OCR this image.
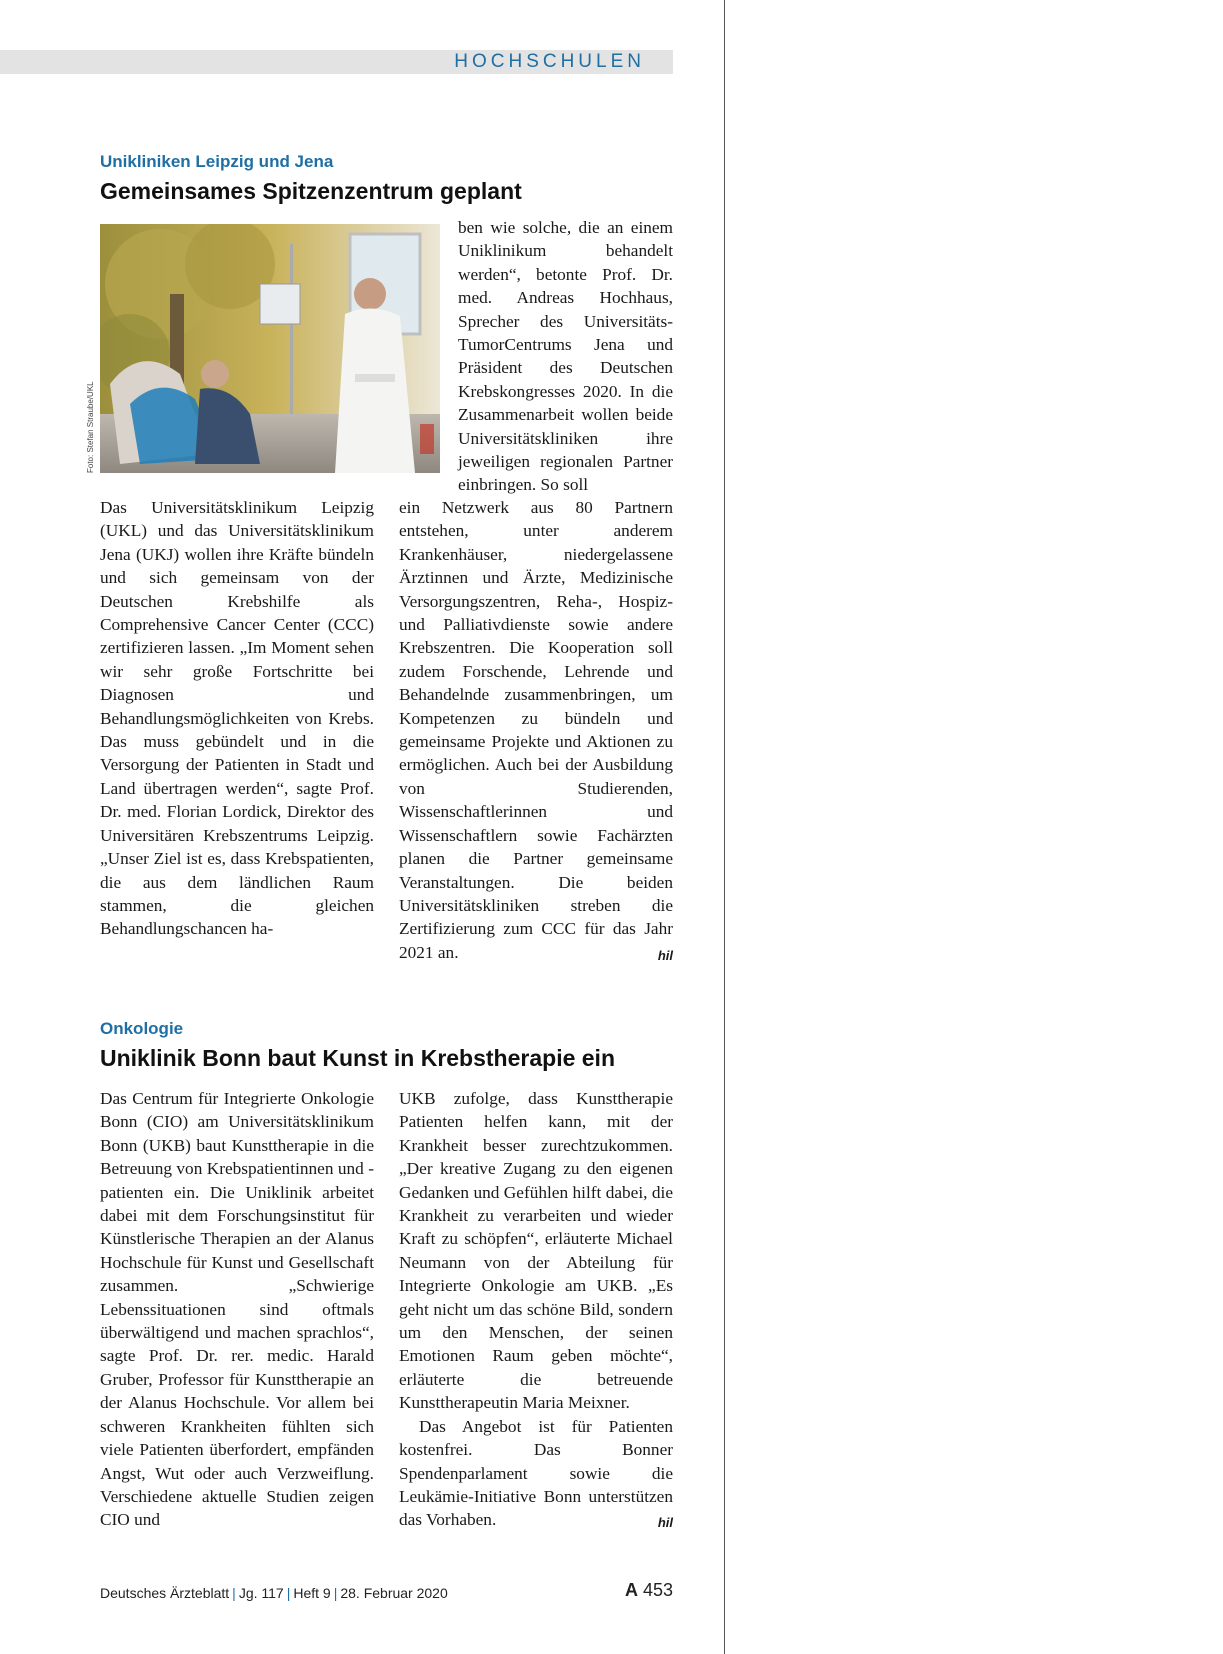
HOCHSCHULEN
Unikliniken Leipzig und Jena
Gemeinsames Spitzenzentrum geplant
Foto: Stefan Straube/UKL

ben wie solche, die an einem Uniklinikum behandelt werden“, betonte Prof. Dr. med. Andreas Hochhaus, Sprecher des Universitäts-TumorCentrums Jena und Präsident des Deutschen Krebskongresses 2020. In die Zusammenarbeit wollen beide Universitätskliniken ihre jeweiligen regionalen Partner einbringen. So soll

Das Universitätsklinikum Leipzig (UKL) und das Universitätsklinikum Jena (UKJ) wollen ihre Kräfte bündeln und sich gemeinsam von der Deutschen Krebshilfe als Comprehensive Cancer Center (CCC) zertifizieren lassen. „Im Moment sehen wir sehr große Fortschritte bei Diagnosen und Behandlungsmöglichkeiten von Krebs. Das muss gebündelt und in die Versorgung der Patienten in Stadt und Land übertragen werden“, sagte Prof. Dr. med. Florian Lordick, Direktor des Universitären Krebszentrums Leipzig. „Unser Ziel ist es, dass Krebspatienten, die aus dem ländlichen Raum stammen, die gleichen Behandlungschancen ha-

ein Netzwerk aus 80 Partnern entstehen, unter anderem Krankenhäuser, niedergelassene Ärztinnen und Ärzte, Medizinische Versorgungszentren, Reha-, Hospiz- und Palliativdienste sowie andere Krebszentren. Die Kooperation soll zudem Forschende, Lehrende und Behandelnde zusammenbringen, um Kompetenzen zu bündeln und gemeinsame Projekte und Aktionen zu ermöglichen. Auch bei der Ausbildung von Studierenden, Wissenschaftlerinnen und Wissenschaftlern sowie Fachärzten planen die Partner gemeinsame Veranstaltungen. Die beiden Universitätskliniken streben die Zertifizierung zum CCC für das Jahr 2021 an.	hil
Onkologie
Uniklinik Bonn baut Kunst in Krebstherapie ein

Das Centrum für Integrierte Onkologie Bonn (CIO) am Universitätsklinikum Bonn (UKB) baut Kunsttherapie in die Betreuung von Krebspatientinnen und -patienten ein. Die Uniklinik arbeitet dabei mit dem Forschungsinstitut für Künstlerische Therapien an der Alanus Hochschule für Kunst und Gesellschaft zusammen. „Schwierige Lebenssituationen sind oftmals überwältigend und machen sprachlos“, sagte Prof. Dr. rer. medic. Harald Gruber, Professor für Kunsttherapie an der Alanus Hochschule. Vor allem bei schweren Krankheiten fühlten sich viele Patienten überfordert, empfänden Angst, Wut oder auch Verzweiflung. Verschiedene aktuelle Studien zeigen CIO und

UKB zufolge, dass Kunsttherapie Patienten helfen kann, mit der Krankheit besser zurechtzukommen. „Der kreative Zugang zu den eigenen Gedanken und Gefühlen hilft dabei, die Krankheit zu verarbeiten und wieder Kraft zu schöpfen“, erläuterte Michael Neumann von der Abteilung für Integrierte Onkologie am UKB. „Es geht nicht um das schöne Bild, sondern um den Menschen, der seinen Emotionen Raum geben möchte“, erläuterte die betreuende Kunsttherapeutin Maria Meixner.
Das Angebot ist für Patienten kostenfrei. Das Bonner Spendenparlament sowie die Leukämie-Initiative Bonn unterstützen das Vorhaben.	hil
Deutsches Ärzteblatt | Jg. 117 | Heft 9 | 28. Februar 2020	A 453
